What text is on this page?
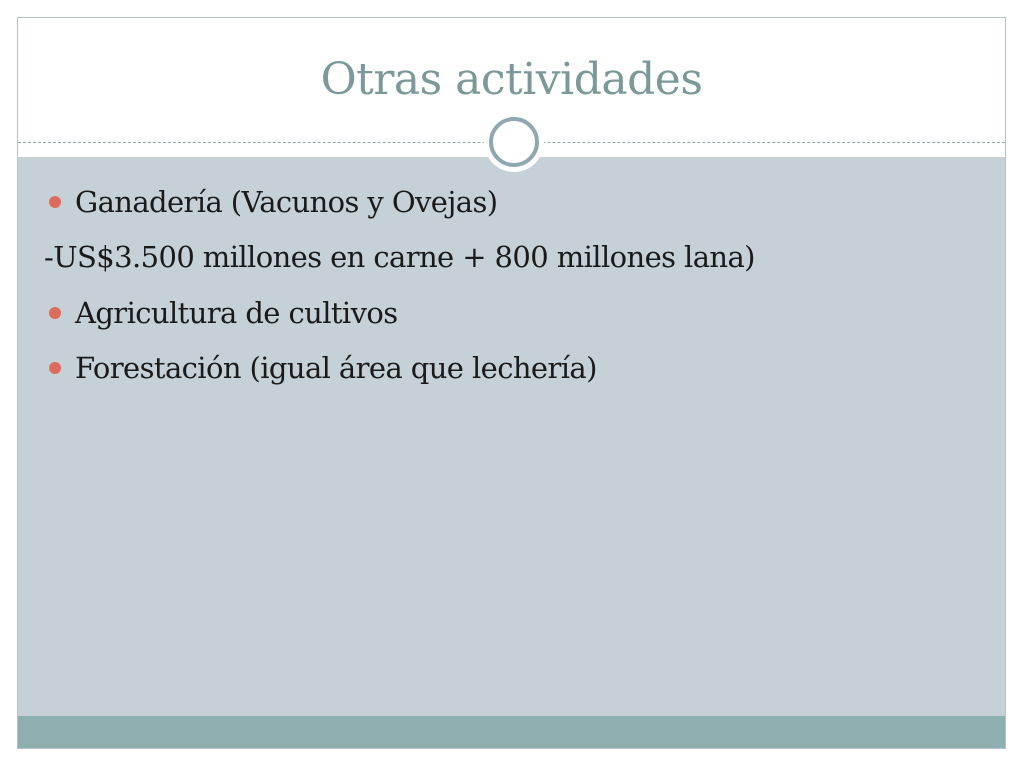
Otras actividades
Ganadería (Vacunos y Ovejas)
-US$3.500 millones en carne + 800 millones lana)
Agricultura de cultivos
Forestación (igual área que lechería)
